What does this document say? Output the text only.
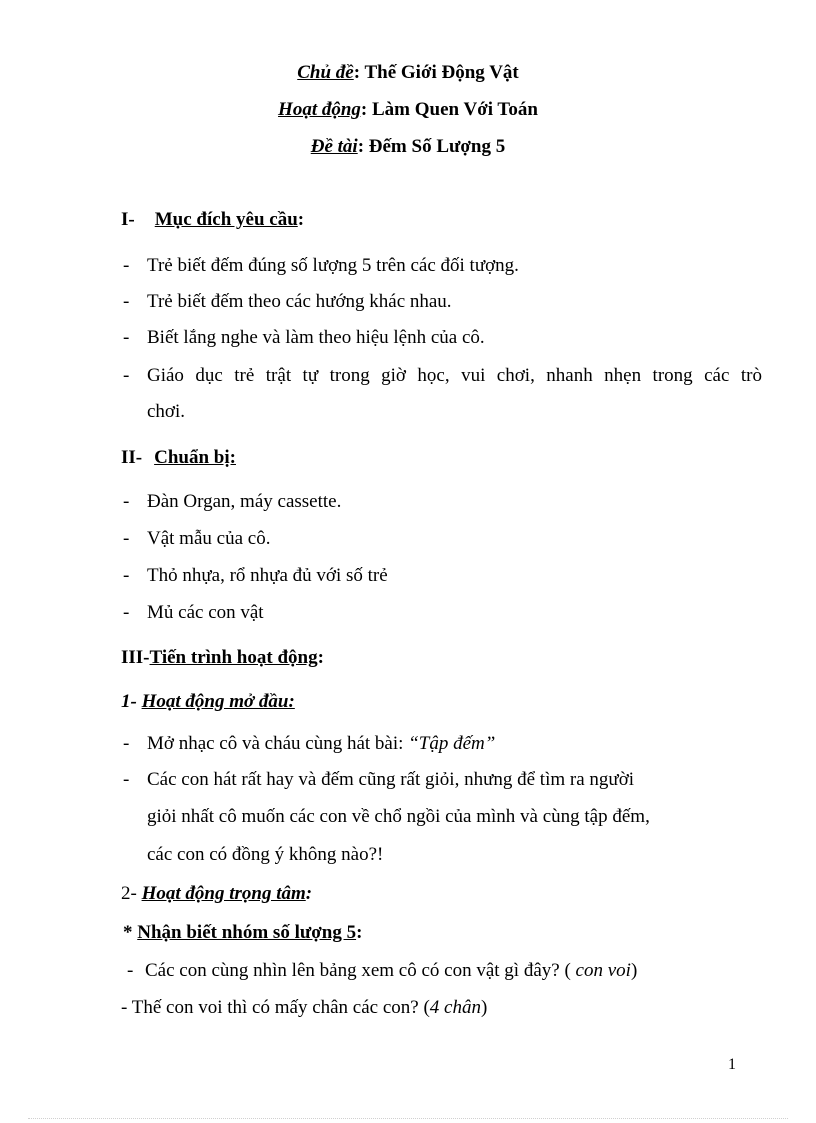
Chủ đề: Thế Giới Động Vật
Hoạt động: Làm Quen Với Toán
Đề tài: Đếm Số Lượng 5
I- Mục đích yêu cầu:
- Trẻ biết đếm đúng số lượng 5 trên các đối tượng.
- Trẻ biết đếm theo các hướng khác nhau.
- Biết lắng nghe và làm theo hiệu lệnh của cô.
- Giáo dục trẻ trật tự trong giờ học, vui chơi, nhanh nhẹn trong các trò
chơi.
II- Chuẩn bị:
- Đàn Organ, máy cassette.
- Vật mẫu của cô.
- Thỏ nhựa, rổ nhựa đủ với số trẻ
- Mủ các con vật
III-Tiến trình hoạt động:
1- Hoạt động mở đầu:
- Mở nhạc cô và cháu cùng hát bài: “Tập đếm”
- Các con hát rất hay và đếm cũng rất giỏi, nhưng để tìm ra người
giỏi nhất cô muốn các con về chổ ngồi của mình và cùng tập đếm,
các con có đồng ý không nào?!
2- Hoạt động trọng tâm:
* Nhận biết nhóm số lượng 5:
- Các con cùng nhìn lên bảng xem cô có con vật gì đây? ( con voi)
- Thế con voi thì có mấy chân các con? (4 chân)
1
